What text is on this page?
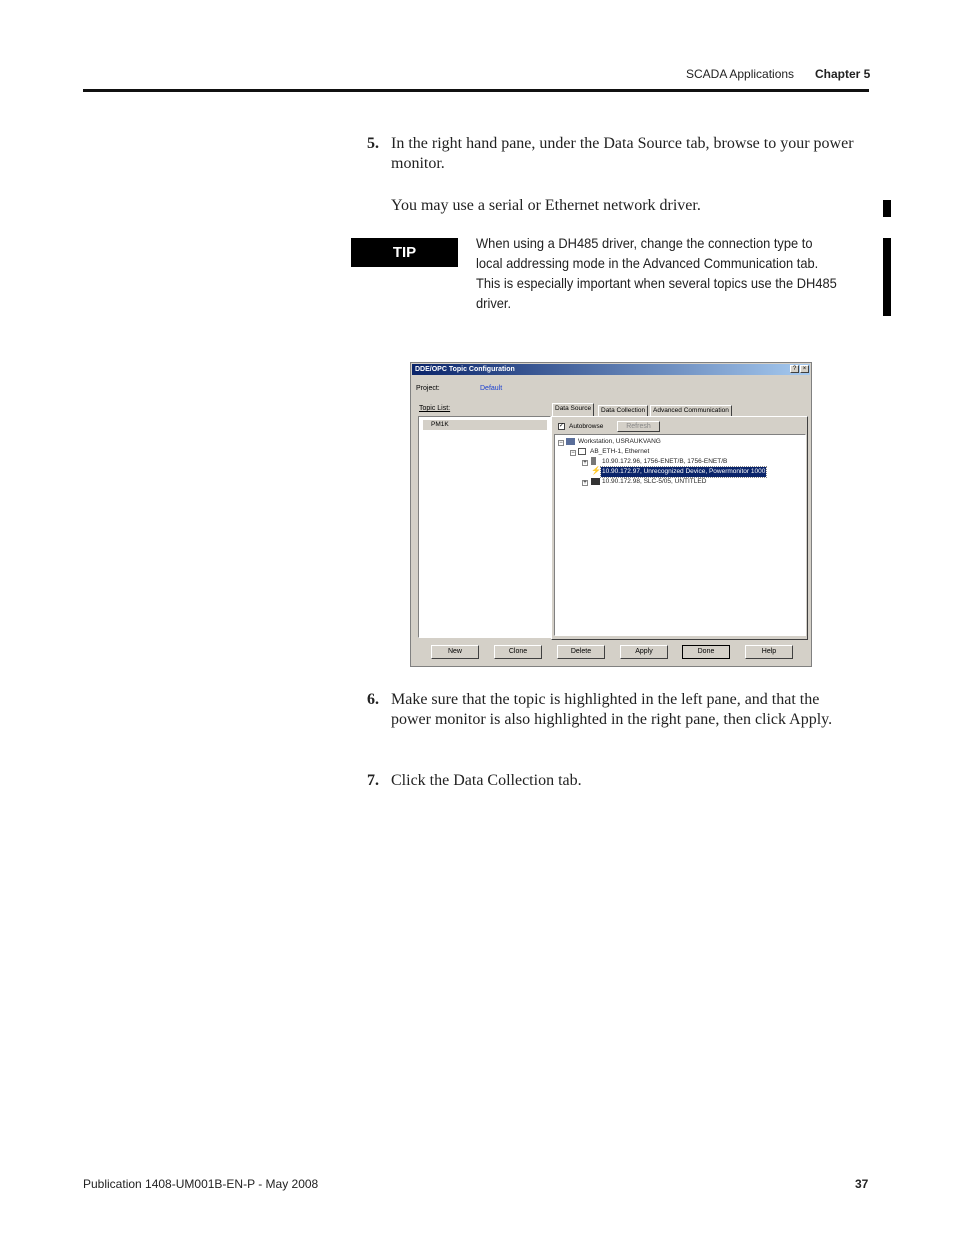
SCADA Applications Chapter 5
5. In the right hand pane, under the Data Source tab, browse to your power monitor.
You may use a serial or Ethernet network driver.
TIP
When using a DH485 driver, change the connection type to local addressing mode in the Advanced Communication tab. This is especially important when several topics use the DH485 driver.
DDE/OPC Topic Configuration	?	×
Project:	Default
Topic List:
PM1K
Data Source	Data Collection	Advanced Communication
✓ Autobrowse	Refresh
− Workstation, USRAUKVANG
− AB_ETH-1, Ethernet
+ 10.90.172.96, 1756-ENET/B, 1756-ENET/B
⚡ 10.90.172.97, Unrecognized Device, Powermonitor 1000
+ 10.90.172.98, SLC-5/05, UNTITLED
New	Clone	Delete	Apply	Done	Help
6. Make sure that the topic is highlighted in the left pane, and that the power monitor is also highlighted in the right pane, then click Apply.
7. Click the Data Collection tab.
Publication 1408-UM001B-EN-P - May 2008	37
